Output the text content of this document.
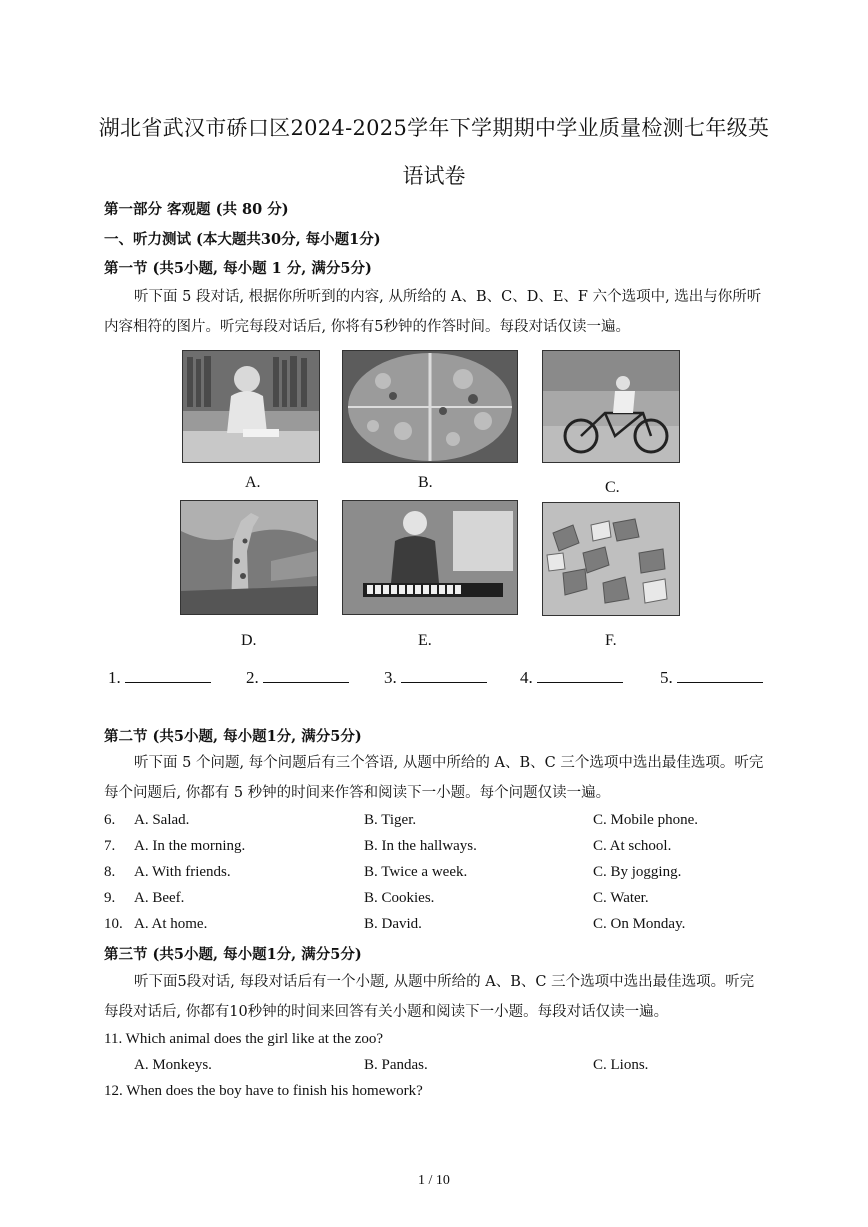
湖北省武汉市硚口区2024-2025学年下学期期中学业质量检测七年级英
语试卷
第一部分 客观题 (共 80 分)
一、听力测试 (本大题共30分, 每小题1分)
第一节 (共5小题, 每小题 1 分, 满分5分)
听下面 5 段对话, 根据你所听到的内容, 从所给的 A、B、C、D、E、F 六个选项中, 选出与你所听内容相符的图片。听完每段对话后, 你将有5秒钟的作答时间。每段对话仅读一遍。
A.	B.	C.
D.	E.	F.
1.	2.	3.	4.	5.
第二节 (共5小题, 每小题1分, 满分5分)
听下面 5 个问题, 每个问题后有三个答语, 从题中所给的 A、B、C 三个选项中选出最佳选项。听完每个问题后, 你都有 5 秒钟的时间来作答和阅读下一小题。每个问题仅读一遍。
6. A. Salad.	B. Tiger.	C. Mobile phone.
7. A. In the morning.	B. In the hallways.	C. At school.
8. A. With friends.	B. Twice a week.	C. By jogging.
9. A. Beef.	B. Cookies.	C. Water.
10. A. At home.	B. David.	C. On Monday.
第三节 (共5小题, 每小题1分, 满分5分)
听下面5段对话, 每段对话后有一个小题, 从题中所给的 A、B、C 三个选项中选出最佳选项。听完每段对话后, 你都有10秒钟的时间来回答有关小题和阅读下一小题。每段对话仅读一遍。
11. Which animal does the girl like at the zoo?
A. Monkeys.	B. Pandas.	C. Lions.
12. When does the boy have to finish his homework?
1 / 10
